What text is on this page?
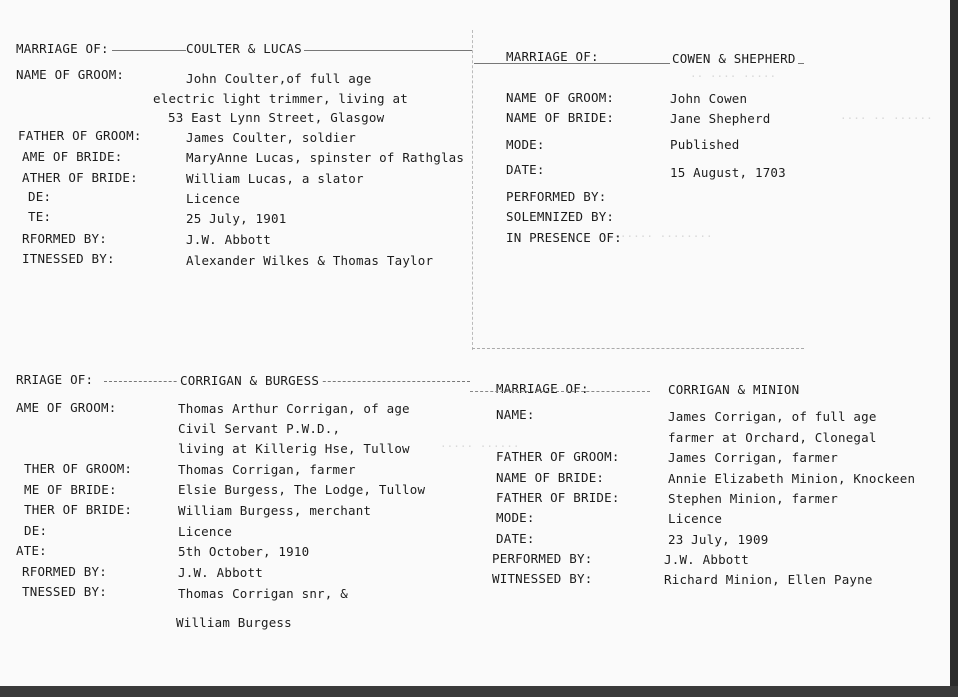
·· ···· ·····
···· ·· ······
········ ········
····· ······
MARRIAGE OF:	COULTER & LUCAS
NAME OF GROOM:	John Coulter,of full age
electric light trimmer, living at
53 East Lynn Street, Glasgow
FATHER OF GROOM:	James Coulter, soldier
AME OF BRIDE:	MaryAnne Lucas, spinster of Rathglas
ATHER OF BRIDE:	William Lucas, a slator
DE:	Licence
TE:	25 July, 1901
RFORMED BY:	J.W. Abbott
ITNESSED BY:	Alexander Wilkes & Thomas Taylor
MARRIAGE OF:	COWEN & SHEPHERD
NAME OF GROOM:	John Cowen
NAME OF BRIDE:	Jane Shepherd
MODE:	Published
DATE:	15 August, 1703
PERFORMED BY:
SOLEMNIZED BY:
IN PRESENCE OF:
RRIAGE OF:	CORRIGAN & BURGESS
AME OF GROOM:	Thomas Arthur Corrigan, of age
Civil Servant P.W.D.,
living at Killerig Hse, Tullow
THER OF GROOM:	Thomas Corrigan, farmer
ME OF BRIDE:	Elsie Burgess, The Lodge, Tullow
THER OF BRIDE:	William Burgess, merchant
DE:	Licence
ATE:	5th October, 1910
RFORMED BY:	J.W. Abbott
TNESSED BY:	Thomas Corrigan snr, &
William Burgess
MARRIAGE OF:	CORRIGAN & MINION
NAME:	James Corrigan, of full age
farmer at Orchard, Clonegal
FATHER OF GROOM:	James Corrigan, farmer
NAME OF BRIDE:	Annie Elizabeth Minion, Knockeen
FATHER OF BRIDE:	Stephen Minion, farmer
MODE:	Licence
DATE:	23 July, 1909
PERFORMED BY:	J.W. Abbott
WITNESSED BY:	Richard Minion, Ellen Payne
